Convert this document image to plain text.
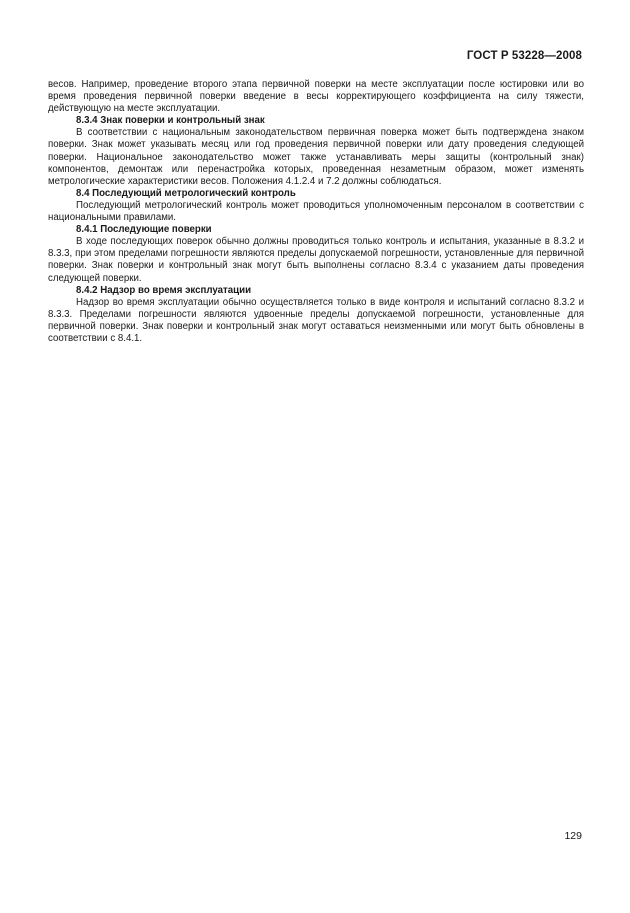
ГОСТ Р 53228—2008

весов. Например, проведение второго этапа первичной поверки на месте эксплуатации после юстировки или во время проведения первичной поверки введение в весы корректирующего коэффициента на силу тяжести, действующую на месте эксплуатации.

8.3.4 Знак поверки и контрольный знак

В соответствии с национальным законодательством первичная поверка может быть подтверждена знаком поверки. Знак может указывать месяц или год проведения первичной поверки или дату проведения следующей поверки. Национальное законодательство может также устанавливать меры защиты (контрольный знак) компонентов, демонтаж или перенастройка которых, проведенная незаметным образом, может изменять метрологические характеристики весов. Положения 4.1.2.4 и 7.2 должны соблюдаться.

8.4 Последующий метрологический контроль

Последующий метрологический контроль может проводиться уполномоченным персоналом в соответствии с национальными правилами.

8.4.1 Последующие поверки

В ходе последующих поверок обычно должны проводиться только контроль и испытания, указанные в 8.3.2 и 8.3.3, при этом пределами погрешности являются пределы допускаемой погрешности, установленные для первичной поверки. Знак поверки и контрольный знак могут быть выполнены согласно 8.3.4 с указанием даты проведения следующей поверки.

8.4.2 Надзор во время эксплуатации

Надзор во время эксплуатации обычно осуществляется только в виде контроля и испытаний согласно 8.3.2 и 8.3.3. Пределами погрешности являются удвоенные пределы допускаемой погрешности, установленные для первичной поверки. Знак поверки и контрольный знак могут оставаться неизменными или могут быть обновлены в соответствии с 8.4.1.

129
